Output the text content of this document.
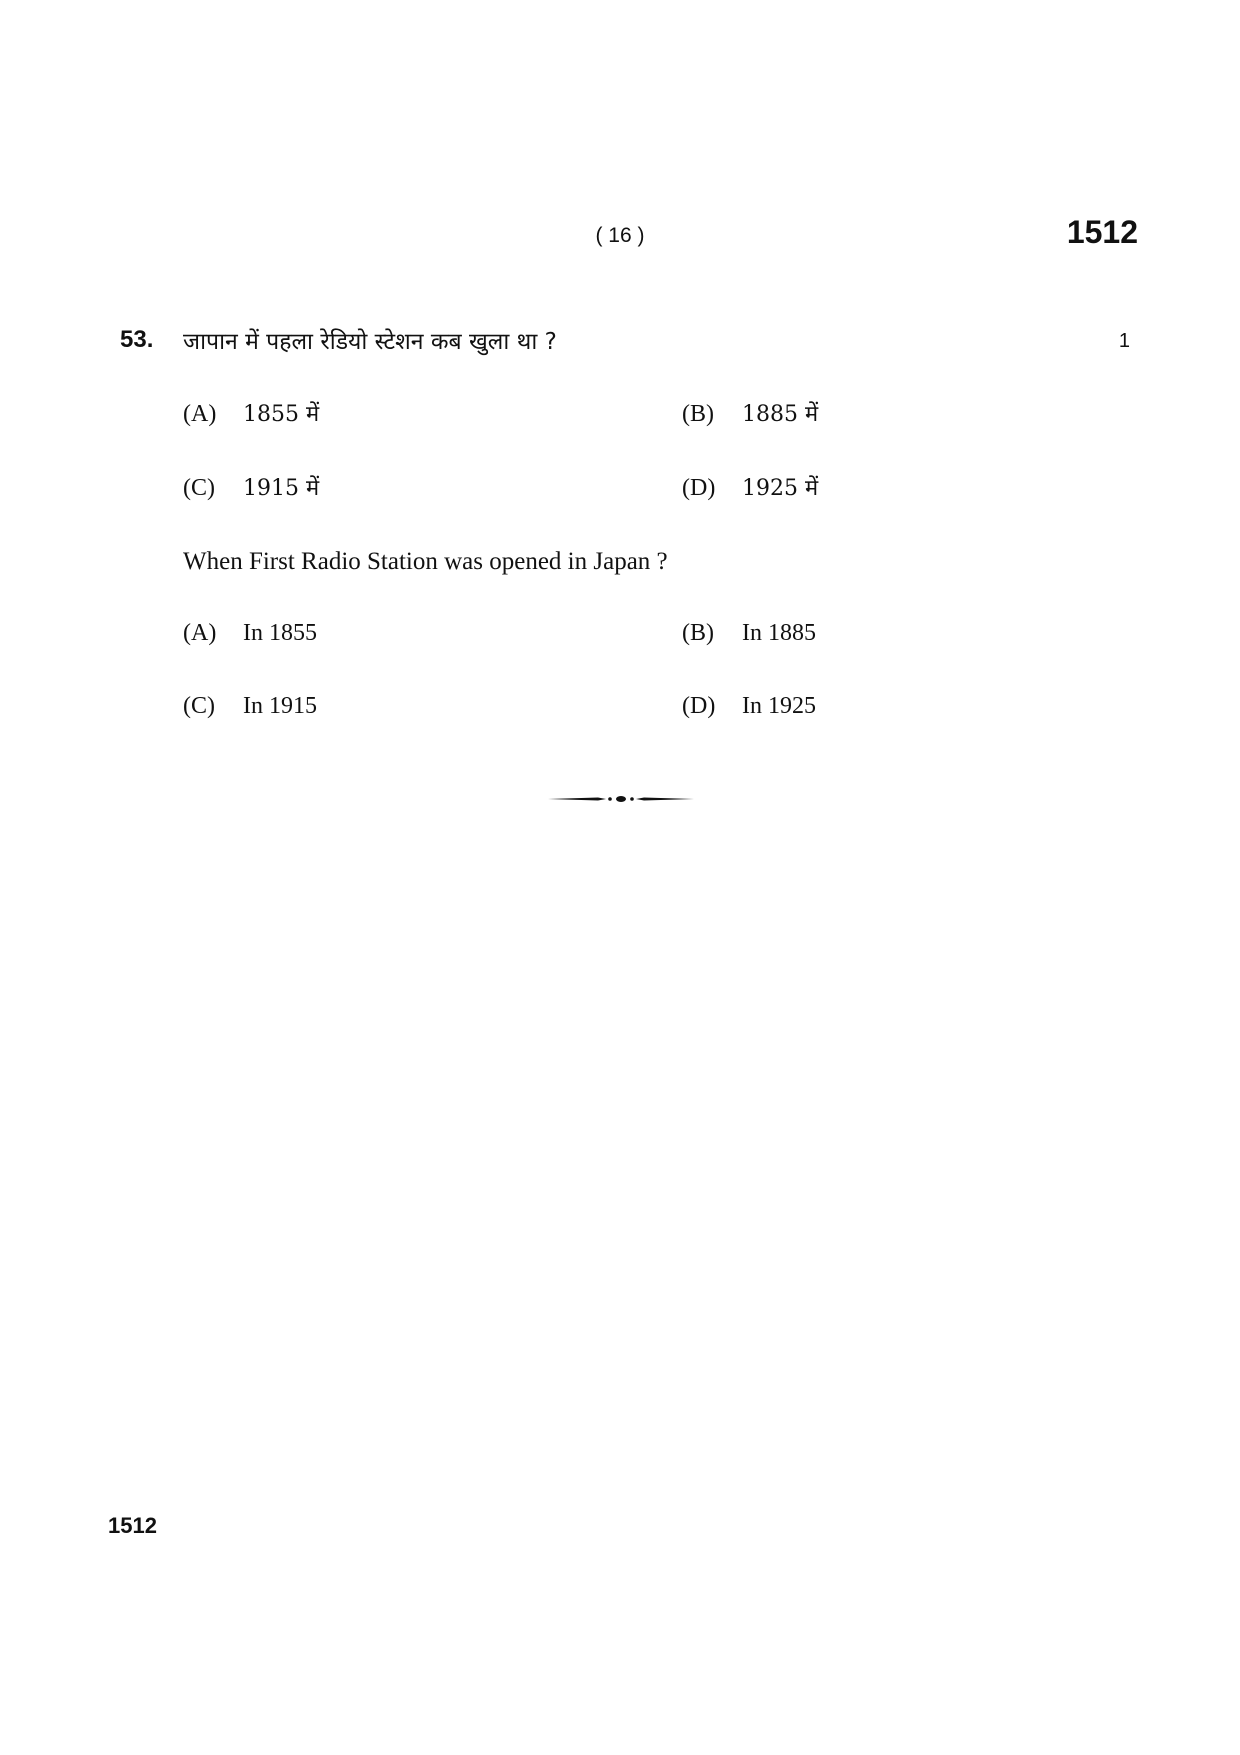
( 16 )	1512
53. जापान में पहला रेडियो स्टेशन कब खुला था ?	1
(A) 1855 में	(B) 1885 में
(C) 1915 में	(D) 1925 में
When First Radio Station was opened in Japan ?
(A) In 1855	(B) In 1885
(C) In 1915	(D) In 1925
1512
